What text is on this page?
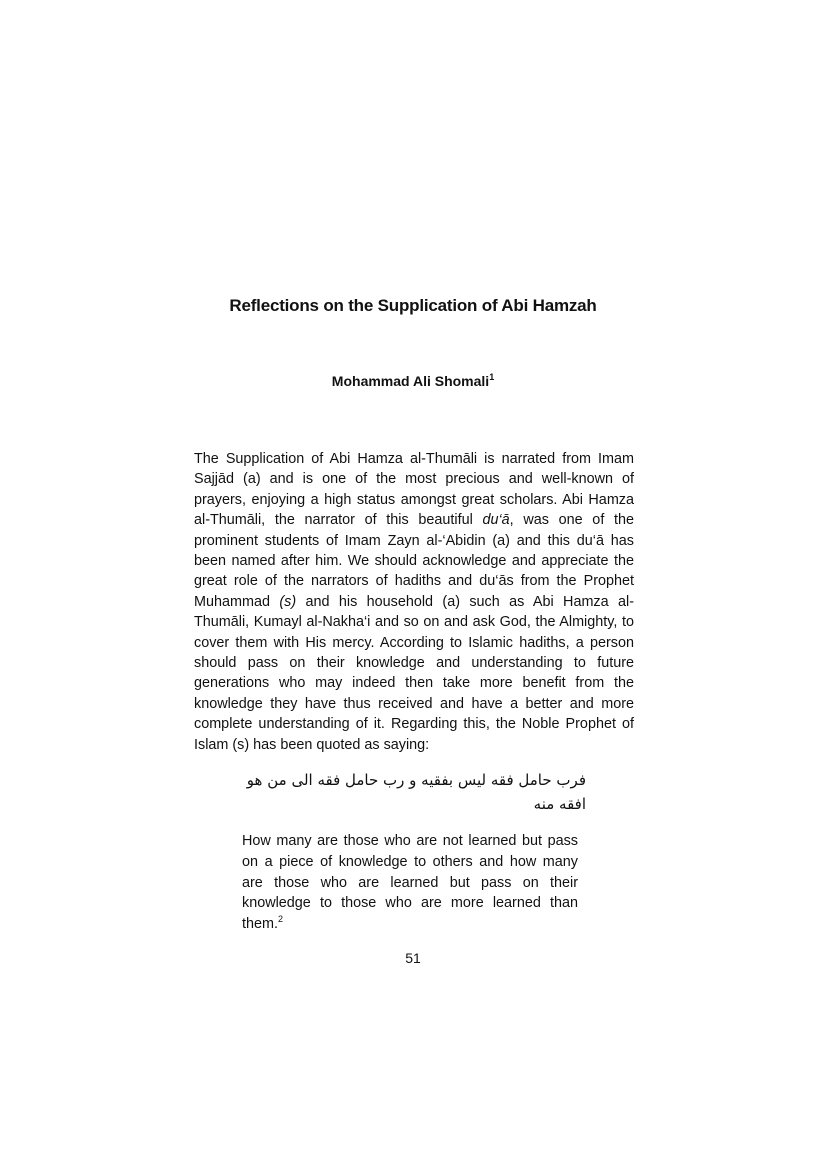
Reflections on the Supplication of Abi Hamzah
Mohammad Ali Shomali$^1$

The Supplication of Abi Hamza al-Thumāli is narrated from Imam Sajjād (a) and is one of the most precious and well-known of prayers, enjoying a high status amongst great scholars. Abi Hamza al-Thumāli, the narrator of this beautiful du‘ā, was one of the prominent students of Imam Zayn al-‘Abidin (a) and this du‘ā has been named after him. We should acknowledge and appreciate the great role of the narrators of hadiths and du‘ās from the Prophet Muhammad (s) and his household (a) such as Abi Hamza al-Thumāli, Kumayl al-Nakha‘i and so on and ask God, the Almighty, to cover them with His mercy. According to Islamic hadiths, a person should pass on their knowledge and understanding to future generations who may indeed then take more benefit from the knowledge they have thus received and have a better and more complete understanding of it. Regarding this, the Noble Prophet of Islam (s) has been quoted as saying:

فرب حامل فقه ليس بفقيه و رب حامل فقه الى من هو افقه منه

How many are those who are not learned but pass on a piece of knowledge to others and how many are those who are learned but pass on their knowledge to those who are more learned than them.$^2$

51
